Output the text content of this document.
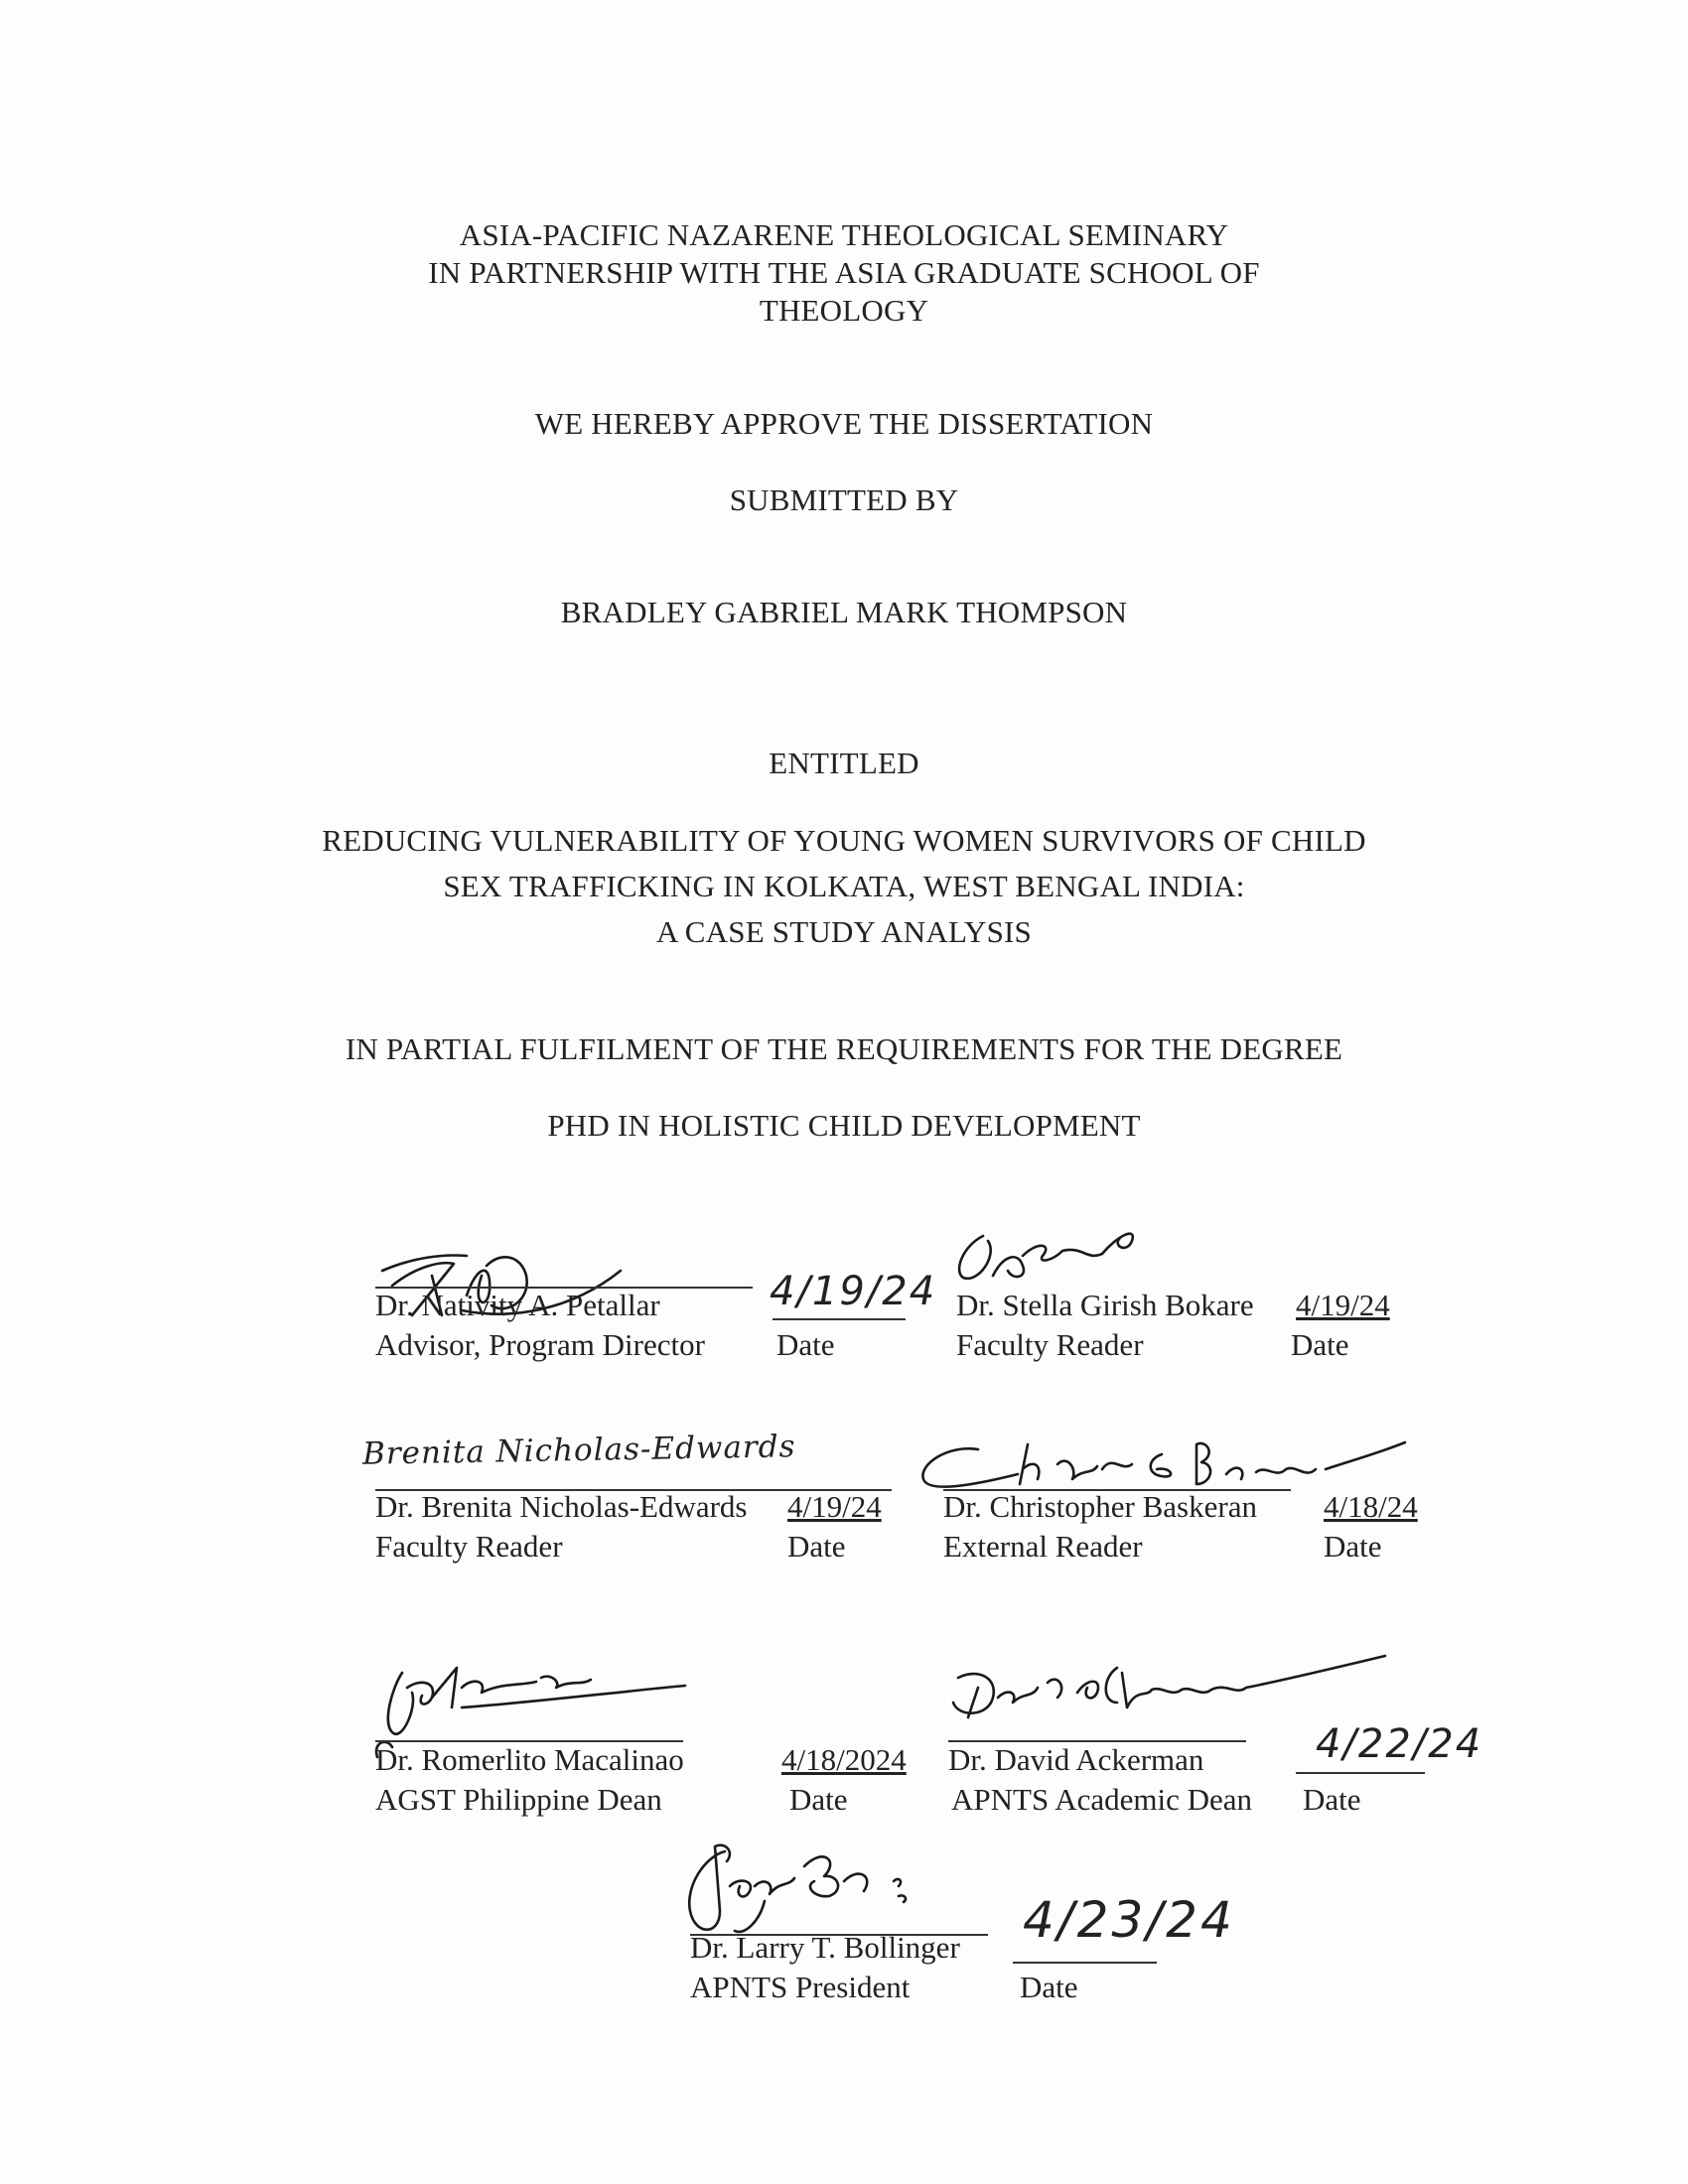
ASIA-PACIFIC NAZARENE THEOLOGICAL SEMINARY
IN PARTNERSHIP WITH THE ASIA GRADUATE SCHOOL OF
THEOLOGY
WE HEREBY APPROVE THE DISSERTATION
SUBMITTED BY
BRADLEY GABRIEL MARK THOMPSON
ENTITLED
REDUCING VULNERABILITY OF YOUNG WOMEN SURVIVORS OF CHILD
SEX TRAFFICKING IN KOLKATA, WEST BENGAL INDIA:
A CASE STUDY ANALYSIS
IN PARTIAL FULFILMENT OF THE REQUIREMENTS FOR THE DEGREE
PHD IN HOLISTIC CHILD DEVELOPMENT
Dr. Nativity A. Petallar
Advisor, Program Director
4/19/24
Date
Dr. Stella Girish Bokare
Faculty Reader
4/19/24
Date
Brenita Nicholas-Edwards
Dr. Brenita Nicholas-Edwards
Faculty Reader
4/19/24
Date
Dr. Christopher Baskeran
External Reader
4/18/24
Date
Dr. Romerlito Macalinao
AGST Philippine Dean
4/18/2024
Date
Dr. David Ackerman
APNTS Academic Dean
4/22/24
Date
Dr. Larry T. Bollinger
APNTS President
4/23/24
Date
